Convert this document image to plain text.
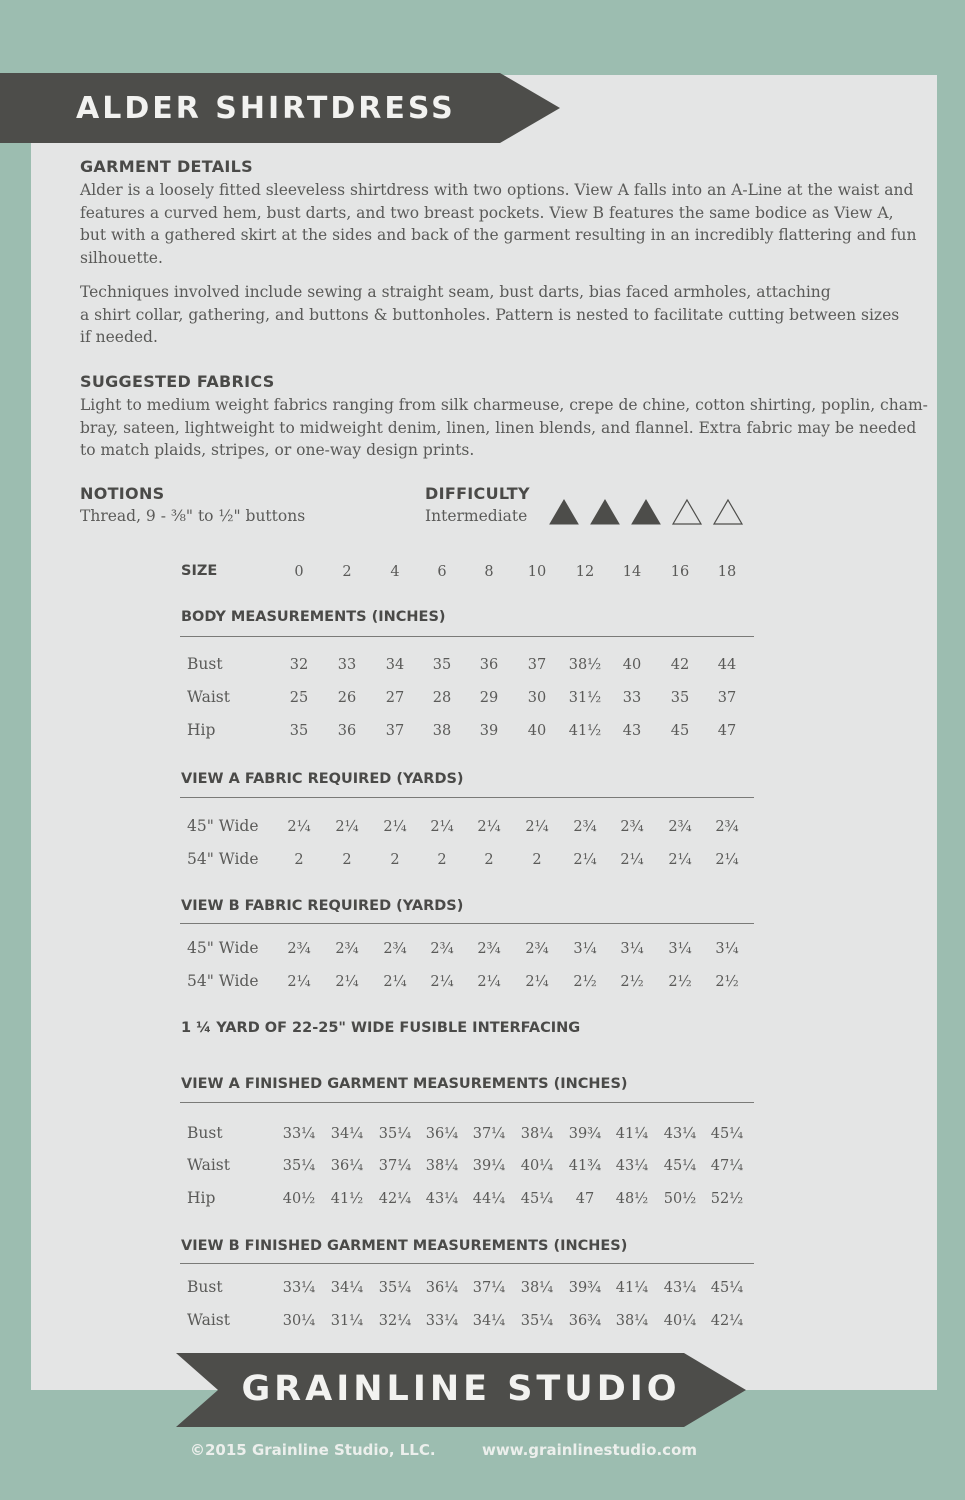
ALDER SHIRTDRESS
GARMENT DETAILS
Alder is a loosely fitted sleeveless shirtdress with two options. View A falls into an A-Line at the waist and
features a curved hem, bust darts, and two breast pockets. View B features the same bodice as View A,
but with a gathered skirt at the sides and back of the garment resulting in an incredibly flattering and fun
silhouette.
Techniques involved include sewing a straight seam, bust darts, bias faced armholes, attaching
a shirt collar, gathering, and buttons & buttonholes. Pattern is nested to facilitate cutting between sizes
if needed.
SUGGESTED FABRICS
Light to medium weight fabrics ranging from silk charmeuse, crepe de chine, cotton shirting, poplin, cham-
bray, sateen, lightweight to midweight denim, linen, linen blends, and flannel. Extra fabric may be needed
to match plaids, stripes, or one-way design prints.
NOTIONS
Thread, 9 - ⅜" to ½" buttons
DIFFICULTY
Intermediate
SIZE	0	2	4	6	8	10	12	14	16	18
BODY MEASUREMENTS (INCHES)
Bust	32	33	34	35	36	37	38½	40	42	44
Waist	25	26	27	28	29	30	31½	33	35	37
Hip	35	36	37	38	39	40	41½	43	45	47
VIEW A FABRIC REQUIRED (YARDS)
45" Wide	2¼	2¼	2¼	2¼	2¼	2¼	2¾	2¾	2¾	2¾
54" Wide	2	2	2	2	2	2	2¼	2¼	2¼	2¼
VIEW B FABRIC REQUIRED (YARDS)
45" Wide	2¾	2¾	2¾	2¾	2¾	2¾	3¼	3¼	3¼	3¼
54" Wide	2¼	2¼	2¼	2¼	2¼	2¼	2½	2½	2½	2½
VIEW A FINISHED GARMENT MEASUREMENTS (INCHES)
Bust	33¼	34¼	35¼ 36¼ 37¼	38¼	39¾ 41¼	43¼ 45¼
Waist	35¼	36¼	37¼ 38¼ 39¼	40¼	41¾ 43¼	45¼ 47¼
Hip	40½	41½	42¼ 43¼ 44¼	45¼	47	48½	50½ 52½
VIEW B FINISHED GARMENT MEASUREMENTS (INCHES)
Bust	33¼	34¼	35¼ 36¼ 37¼	38¼	39¾ 41¼	43¼ 45¼
Waist	30¼	31¼	32¼ 33¼ 34¼	35¼	36¾ 38¼	40¼ 42¼
1 ¼ YARD OF 22-25" WIDE FUSIBLE INTERFACING
GRAINLINE STUDIO
©2015 Grainline Studio, LLC.	www.grainlinestudio.com
